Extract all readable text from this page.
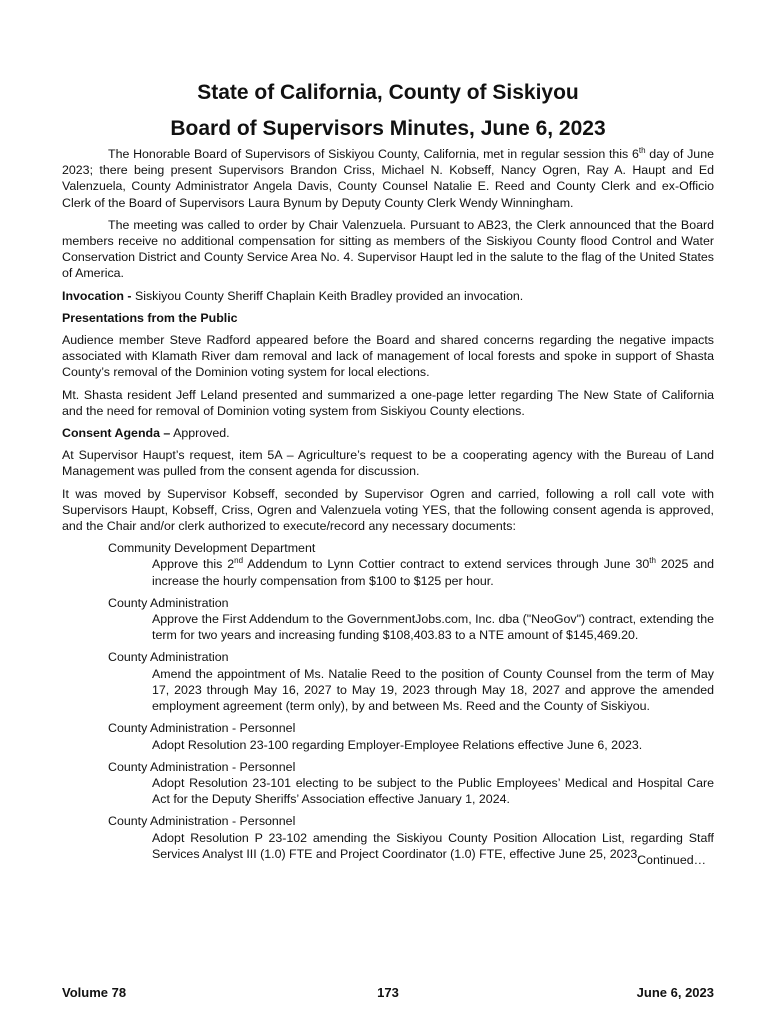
State of California, County of Siskiyou
Board of Supervisors Minutes, June 6, 2023

The Honorable Board of Supervisors of Siskiyou County, California, met in regular session this 6th day of June 2023; there being present Supervisors Brandon Criss, Michael N. Kobseff, Nancy Ogren, Ray A. Haupt and Ed Valenzuela, County Administrator Angela Davis, County Counsel Natalie E. Reed and County Clerk and ex-Officio Clerk of the Board of Supervisors Laura Bynum by Deputy County Clerk Wendy Winningham.

The meeting was called to order by Chair Valenzuela. Pursuant to AB23, the Clerk announced that the Board members receive no additional compensation for sitting as members of the Siskiyou County flood Control and Water Conservation District and County Service Area No. 4. Supervisor Haupt led in the salute to the flag of the United States of America.

Invocation - Siskiyou County Sheriff Chaplain Keith Bradley provided an invocation.

Presentations from the Public

Audience member Steve Radford appeared before the Board and shared concerns regarding the negative impacts associated with Klamath River dam removal and lack of management of local forests and spoke in support of Shasta County’s removal of the Dominion voting system for local elections.

Mt. Shasta resident Jeff Leland presented and summarized a one-page letter regarding The New State of California and the need for removal of Dominion voting system from Siskiyou County elections.

Consent Agenda – Approved.

At Supervisor Haupt’s request, item 5A – Agriculture’s request to be a cooperating agency with the Bureau of Land Management was pulled from the consent agenda for discussion.

It was moved by Supervisor Kobseff, seconded by Supervisor Ogren and carried, following a roll call vote with Supervisors Haupt, Kobseff, Criss, Ogren and Valenzuela voting YES, that the following consent agenda is approved, and the Chair and/or clerk authorized to execute/record any necessary documents:

Community Development Department
Approve this 2nd Addendum to Lynn Cottier contract to extend services through June 30th 2025 and increase the hourly compensation from $100 to $125 per hour.
County Administration
Approve the First Addendum to the GovernmentJobs.com, Inc. dba ("NeoGov") contract, extending the term for two years and increasing funding $108,403.83 to a NTE amount of $145,469.20.
County Administration
Amend the appointment of Ms. Natalie Reed to the position of County Counsel from the term of May 17, 2023 through May 16, 2027 to May 19, 2023 through May 18, 2027 and approve the amended employment agreement (term only), by and between Ms. Reed and the County of Siskiyou.
County Administration - Personnel
Adopt Resolution 23-100 regarding Employer-Employee Relations effective June 6, 2023.
County Administration - Personnel
Adopt Resolution 23-101 electing to be subject to the Public Employees’ Medical and Hospital Care Act for the Deputy Sheriffs’ Association effective January 1, 2024.
County Administration - Personnel
Adopt Resolution P 23-102 amending the Siskiyou County Position Allocation List, regarding Staff Services Analyst III (1.0) FTE and Project Coordinator (1.0) FTE, effective June 25, 2023.
Continued…
Volume 78	173	June 6, 2023
